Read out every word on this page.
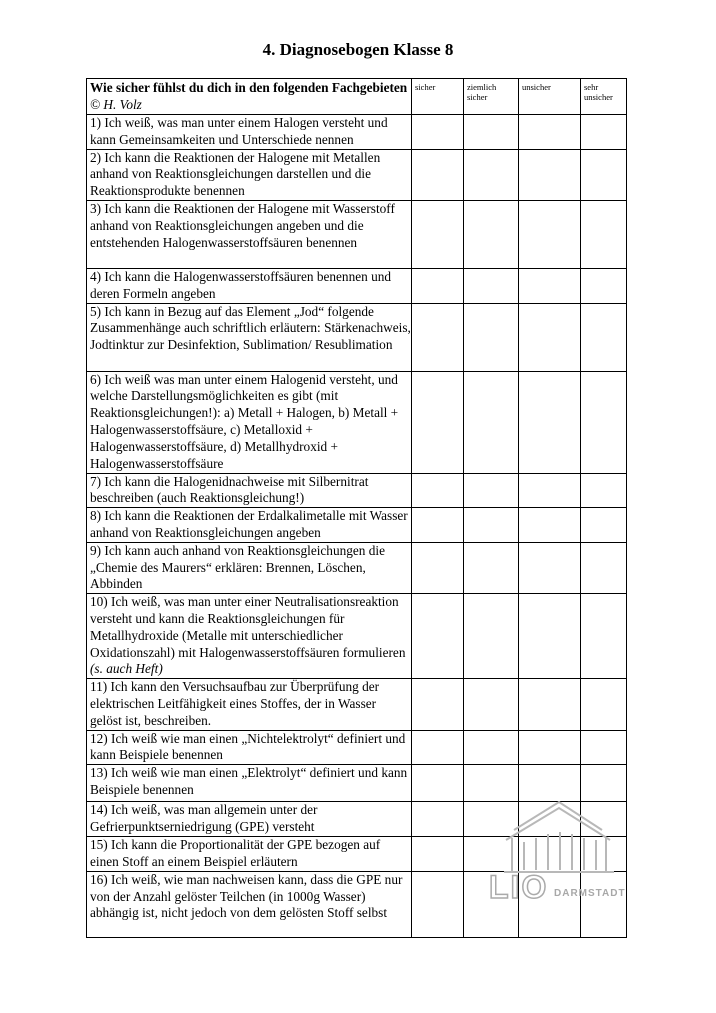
4. Diagnosebogen Klasse 8
Wie sicher fühlst du dich in den folgenden Fachgebieten  © H. Volz	sicher	ziemlich sicher	unsicher	sehr unsicher
1) Ich weiß, was man unter einem Halogen versteht und kann Gemeinsamkeiten und Unterschiede nennen				
2) Ich kann die Reaktionen der Halogene mit Metallen anhand von Reaktionsgleichungen darstellen und die Reaktionsprodukte benennen				
3) Ich kann die Reaktionen der Halogene mit Wasserstoff anhand von Reaktionsgleichungen angeben und die entstehenden Halogenwasserstoffsäuren benennen				
4) Ich kann die Halogenwasserstoffsäuren benennen und deren Formeln angeben				
5) Ich kann in Bezug auf das Element „Jod“ folgende Zusammenhänge auch schriftlich erläutern: Stärkenachweis, Jodtinktur zur Desinfektion, Sublimation/ Resublimation				
6) Ich weiß was man unter einem Halogenid versteht, und welche Darstellungsmöglichkeiten es gibt (mit Reaktionsgleichungen!): a) Metall + Halogen, b) Metall + Halogenwasserstoffsäure, c) Metalloxid + Halogenwasserstoffsäure, d) Metallhydroxid + Halogenwasserstoffsäure				
7) Ich kann die Halogenidnachweise mit Silbernitrat beschreiben (auch Reaktionsgleichung!)				
8) Ich kann die Reaktionen der Erdalkalimetalle mit Wasser anhand von Reaktionsgleichungen angeben				
9) Ich kann auch anhand von Reaktionsgleichungen die „Chemie des Maurers“ erklären: Brennen, Löschen, Abbinden				
10) Ich weiß, was man unter einer Neutralisationsreaktion versteht und kann die Reaktionsgleichungen für Metallhydroxide (Metalle mit unterschiedlicher Oxidationszahl) mit Halogenwasserstoffsäuren formulieren (s. auch Heft)				
11) Ich kann den Versuchsaufbau zur Überprüfung der elektrischen Leitfähigkeit eines Stoffes, der in Wasser gelöst ist, beschreiben.				
12) Ich weiß wie man einen „Nichtelektrolyt“ definiert und kann Beispiele benennen				
13) Ich weiß wie man einen „Elektrolyt“ definiert und kann Beispiele benennen				
14) Ich weiß, was man allgemein unter der Gefrierpunktserniedrigung (GPE) versteht				
15) Ich kann die Proportionalität der GPE bezogen auf einen Stoff an einem Beispiel erläutern				
16) Ich weiß, wie man nachweisen kann, dass die GPE nur von der Anzahl gelöster Teilchen (in 1000g Wasser) abhängig ist, nicht jedoch von dem gelösten Stoff selbst				
LIO DARMSTADT
